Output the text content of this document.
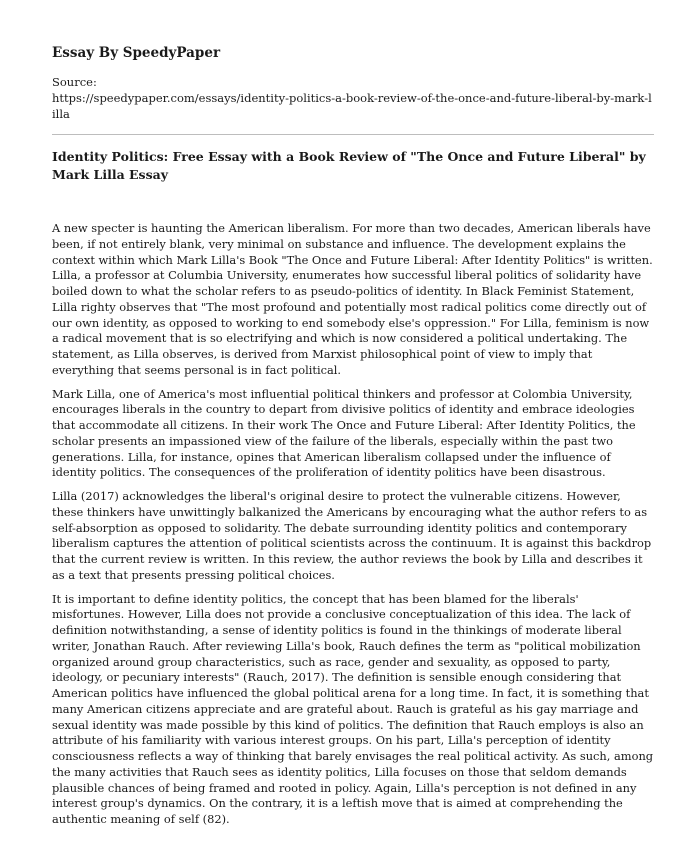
Essay By SpeedyPaper
Source:
https://speedypaper.com/essays/identity-politics-a-book-review-of-the-once-and-future-liberal-by-mark-lilla
Identity Politics: Free Essay with a Book Review of "The Once and Future Liberal" by Mark Lilla Essay

A new specter is haunting the American liberalism. For more than two decades, American liberals have been, if not entirely blank, very minimal on substance and influence. The development explains the context within which Mark Lilla's Book "The Once and Future Liberal: After Identity Politics" is written. Lilla, a professor at Columbia University, enumerates how successful liberal politics of solidarity have boiled down to what the scholar refers to as pseudo-politics of identity. In Black Feminist Statement, Lilla righty observes that "The most profound and potentially most radical politics come directly out of our own identity, as opposed to working to end somebody else's oppression." For Lilla, feminism is now a radical movement that is so electrifying and which is now considered a political undertaking. The statement, as Lilla observes, is derived from Marxist philosophical point of view to imply that everything that seems personal is in fact political.

Mark Lilla, one of America's most influential political thinkers and professor at Colombia University, encourages liberals in the country to depart from divisive politics of identity and embrace ideologies that accommodate all citizens. In their work The Once and Future Liberal: After Identity Politics, the scholar presents an impassioned view of the failure of the liberals, especially within the past two generations. Lilla, for instance, opines that American liberalism collapsed under the influence of identity politics. The consequences of the proliferation of identity politics have been disastrous.

Lilla (2017) acknowledges the liberal's original desire to protect the vulnerable citizens. However, these thinkers have unwittingly balkanized the Americans by encouraging what the author refers to as self-absorption as opposed to solidarity. The debate surrounding identity politics and contemporary liberalism captures the attention of political scientists across the continuum. It is against this backdrop that the current review is written. In this review, the author reviews the book by Lilla and describes it as a text that presents pressing political choices.

It is important to define identity politics, the concept that has been blamed for the liberals' misfortunes. However, Lilla does not provide a conclusive conceptualization of this idea. The lack of definition notwithstanding, a sense of identity politics is found in the thinkings of moderate liberal writer, Jonathan Rauch. After reviewing Lilla's book, Rauch defines the term as "political mobilization organized around group characteristics, such as race, gender and sexuality, as opposed to party, ideology, or pecuniary interests" (Rauch, 2017). The definition is sensible enough considering that American politics have influenced the global political arena for a long time. In fact, it is something that many American citizens appreciate and are grateful about. Rauch is grateful as his gay marriage and sexual identity was made possible by this kind of politics. The definition that Rauch employs is also an attribute of his familiarity with various interest groups. On his part, Lilla's perception of identity consciousness reflects a way of thinking that barely envisages the real political activity. As such, among the many activities that Rauch sees as identity politics, Lilla focuses on those that seldom demands plausible chances of being framed and rooted in policy. Again, Lilla's perception is not defined in any interest group's dynamics. On the contrary, it is a leftish move that is aimed at comprehending the authentic meaning of self (82).
